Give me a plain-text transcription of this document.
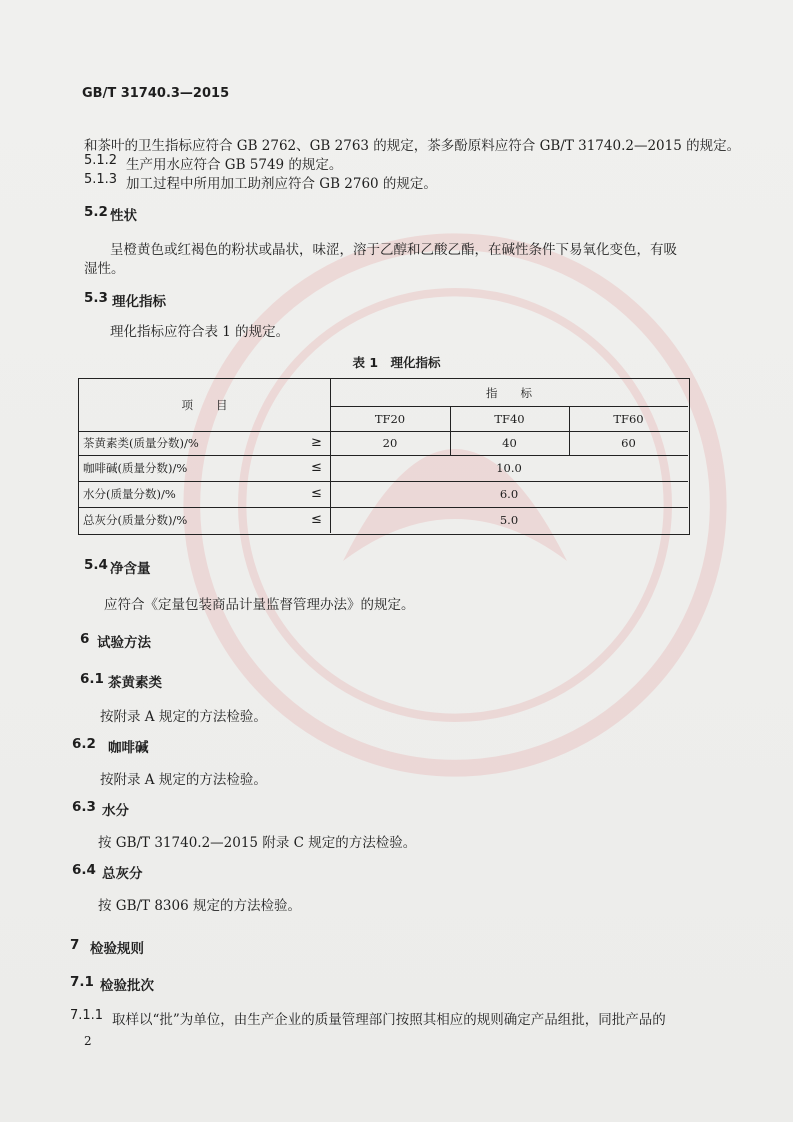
GB/T 31740.3—2015
和茶叶的卫生指标应符合 GB 2762、GB 2763 的规定，茶多酚原料应符合 GB/T 31740.2—2015 的规定。
5.1.2 生产用水应符合 GB 5749 的规定。
5.1.3 加工过程中所用加工助剂应符合 GB 2760 的规定。
5.2 性状
呈橙黄色或红褐色的粉状或晶状，味涩，溶于乙醇和乙酸乙酯，在碱性条件下易氧化变色，有吸
湿性。
5.3 理化指标
理化指标应符合表 1 的规定。
表 1　理化指标
项　　目
指　　标
TF20	TF40	TF60
茶黄素类(质量分数)/%	≥	20	40	60
咖啡碱(质量分数)/%	≤	10.0
水分(质量分数)/%	≤	6.0
总灰分(质量分数)/%	≤	5.0
5.4 净含量
应符合《定量包装商品计量监督管理办法》的规定。
6 试验方法
6.1 茶黄素类
按附录 A 规定的方法检验。
6.2 咖啡碱
按附录 A 规定的方法检验。
6.3 水分
按 GB/T 31740.2—2015 附录 C 规定的方法检验。
6.4 总灰分
按 GB/T 8306 规定的方法检验。
7 检验规则
7.1 检验批次
7.1.1 取样以“批”为单位，由生产企业的质量管理部门按照其相应的规则确定产品组批，同批产品的
2
